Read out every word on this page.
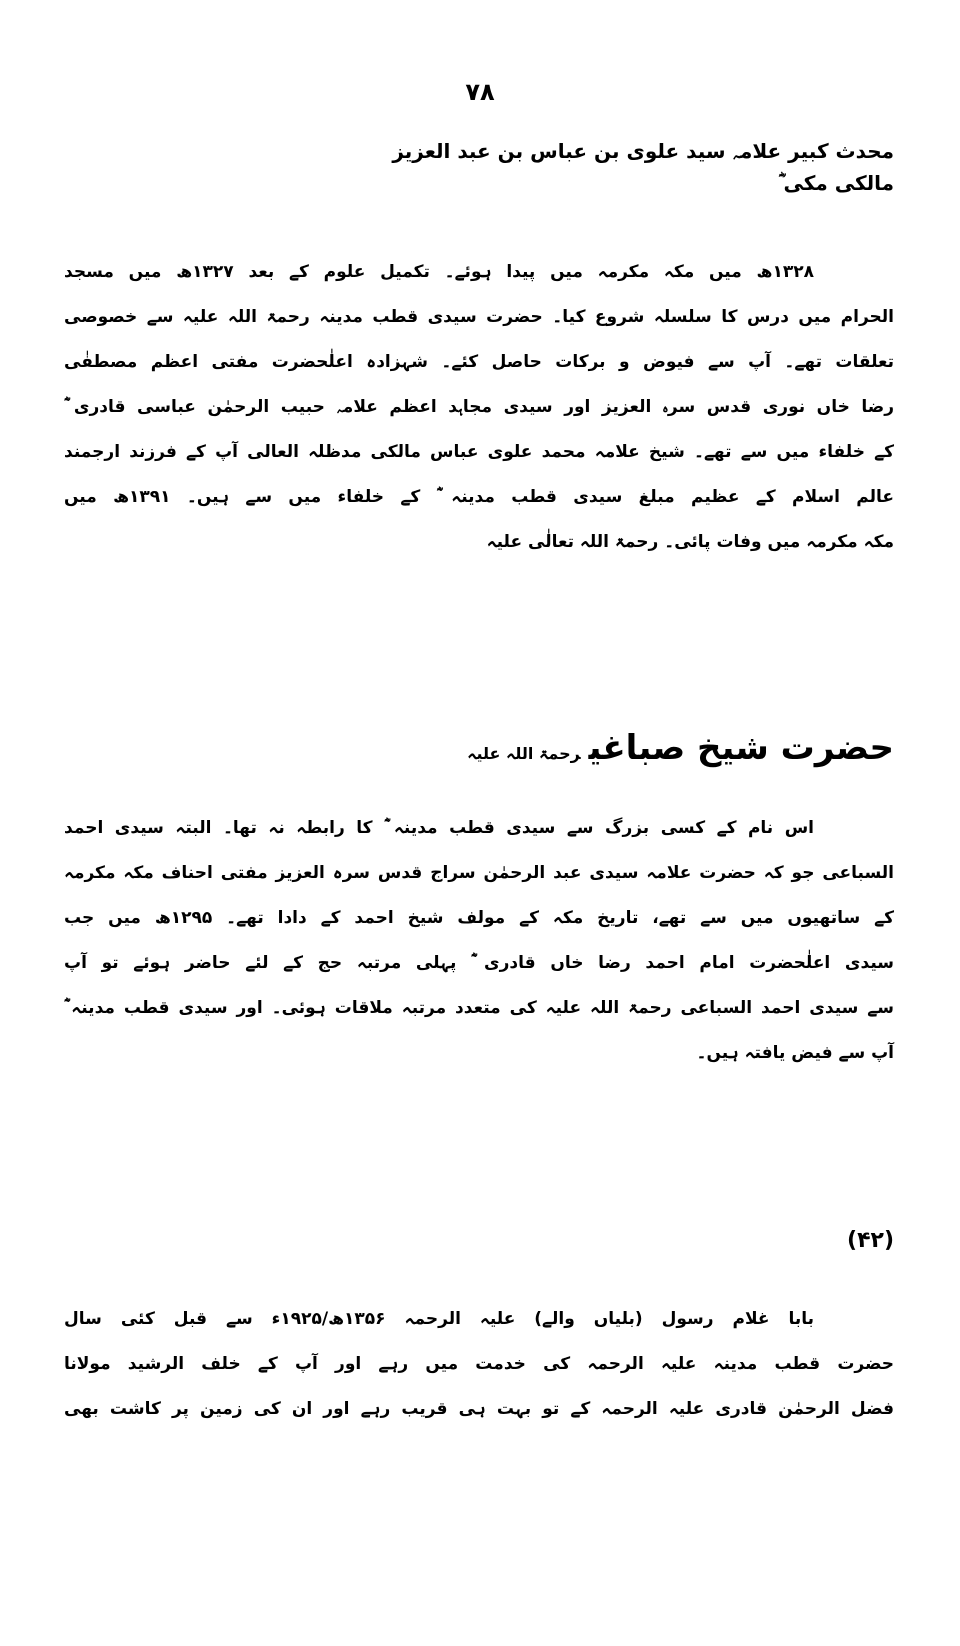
۷۸
محدث کبیر علامہ سید علوی بن عباس بن عبد العزیز مالکی مکی ؓ
۱۳۲۸ھ میں مکہ مکرمہ میں پیدا ہوئے۔ تکمیل علوم کے بعد ۱۳۲۷ھ میں مسجد
الحرام میں درس کا سلسلہ شروع کیا۔ حضرت سیدی قطب مدینہ رحمۃ اللہ علیہ سے خصوصی
تعلقات تھے۔ آپ سے فیوض و برکات حاصل کئے۔ شہزادہ اعلٰحضرت مفتی اعظم مصطفٰی
رضا خاں نوری قدس سرہ العزیز اور سیدی مجاہد اعظم علامہ حبیب الرحمٰن عباسی قادری ؓ
کے خلفاء میں سے تھے۔ شیخ علامہ محمد علوی عباس مالکی مدظلہ العالی آپ کے فرزند ارجمند
عالم اسلام کے عظیم مبلغ سیدی قطب مدینہ ؓ کے خلفاء میں سے ہیں۔ ۱۳۹۱ھ میں
مکہ مکرمہ میں وفات پائی۔ رحمۃ اللہ تعالٰی علیہ
حضرت شیخ صباغیرحمۃ اللہ علیہ
اس نام کے کسی بزرگ سے سیدی قطب مدینہ ؓ کا رابطہ نہ تھا۔ البتہ سیدی احمد
السباعی جو کہ حضرت علامہ سیدی عبد الرحمٰن سراج قدس سرہ العزیز مفتی احناف مکہ مکرمہ
کے ساتھیوں میں سے تھے، تاریخ مکہ کے مولف شیخ احمد کے دادا تھے۔ ۱۲۹۵ھ میں جب
سیدی اعلٰحضرت امام احمد رضا خاں قادری ؓ پہلی مرتبہ حج کے لئے حاضر ہوئے تو آپ
سے سیدی احمد السباعی رحمۃ اللہ علیہ کی متعدد مرتبہ ملاقات ہوئی۔ اور سیدی قطب مدینہ ؓ
آپ سے فیض یافتہ ہیں۔
(۴۲)
بابا غلام رسول (بلیاں والے) علیہ الرحمہ ۱۳۵۶ھ/۱۹۲۵ء سے قبل کئی سال
حضرت قطب مدینہ علیہ الرحمہ کی خدمت میں رہے اور آپ کے خلف الرشید مولانا
فضل الرحمٰن قادری علیہ الرحمہ کے تو بہت ہی قریب رہے اور ان کی زمین پر کاشت بھی
